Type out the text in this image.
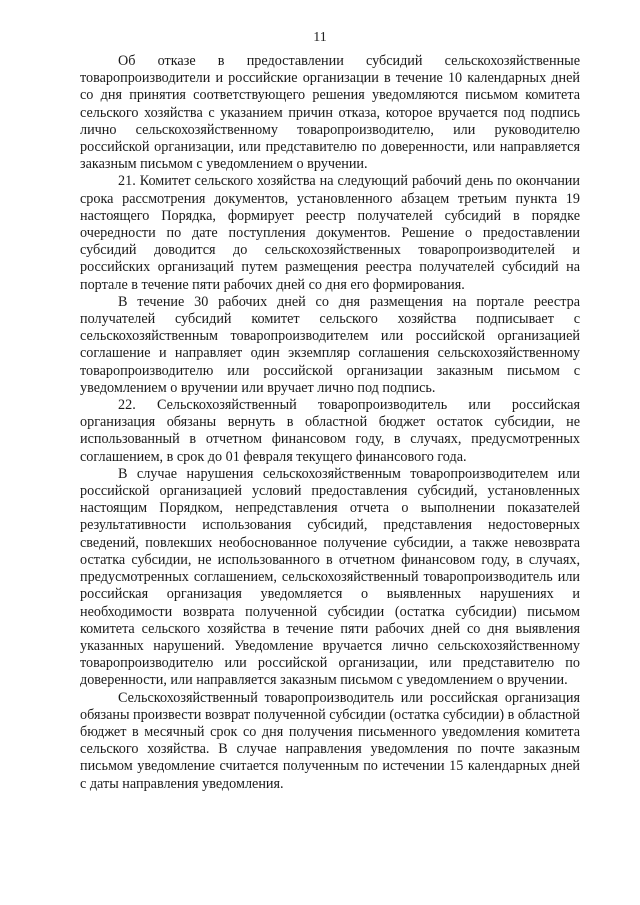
11

Об отказе в предоставлении субсидий сельскохозяйственные товаропроизводители и российские организации в течение 10 календарных дней со дня принятия соответствующего решения уведомляются письмом комитета сельского хозяйства с указанием причин отказа, которое вручается под подпись лично сельскохозяйственному товаропроизводителю, или руководителю российской организации, или представителю по доверенности, или направляется заказным письмом с уведомлением о вручении.

21. Комитет сельского хозяйства на следующий рабочий день по окончании срока рассмотрения документов, установленного абзацем третьим пункта 19 настоящего Порядка, формирует реестр получателей субсидий в порядке очередности по дате поступления документов. Решение о предоставлении субсидий доводится до сельскохозяйственных товаропроизводителей и российских организаций путем размещения реестра получателей субсидий на портале в течение пяти рабочих дней со дня его формирования.

В течение 30 рабочих дней со дня размещения на портале реестра получателей субсидий комитет сельского хозяйства подписывает с сельскохозяйственным товаропроизводителем или российской организацией соглашение и направляет один экземпляр соглашения сельскохозяйственному товаропроизводителю или российской организации заказным письмом с уведомлением о вручении или вручает лично под подпись.

22. Сельскохозяйственный товаропроизводитель или российская организация обязаны вернуть в областной бюджет остаток субсидии, не использованный в отчетном финансовом году, в случаях, предусмотренных соглашением, в срок до 01 февраля текущего финансового года.

В случае нарушения сельскохозяйственным товаропроизводителем или российской организацией условий предоставления субсидий, установленных настоящим Порядком, непредставления отчета о выполнении показателей результативности использования субсидий, представления недостоверных сведений, повлекших необоснованное получение субсидии, а также невозврата остатка субсидии, не использованного в отчетном финансовом году, в случаях, предусмотренных соглашением, сельскохозяйственный товаропроизводитель или российская организация уведомляется о выявленных нарушениях и необходимости возврата полученной субсидии (остатка субсидии) письмом комитета сельского хозяйства в течение пяти рабочих дней со дня выявления указанных нарушений. Уведомление вручается лично сельскохозяйственному товаропроизводителю или российской организации, или представителю по доверенности, или направляется заказным письмом с уведомлением о вручении.

Сельскохозяйственный товаропроизводитель или российская организация обязаны произвести возврат полученной субсидии (остатка субсидии) в областной бюджет в месячный срок со дня получения письменного уведомления комитета сельского хозяйства. В случае направления уведомления по почте заказным письмом уведомление считается полученным по истечении 15 календарных дней с даты направления уведомления.
